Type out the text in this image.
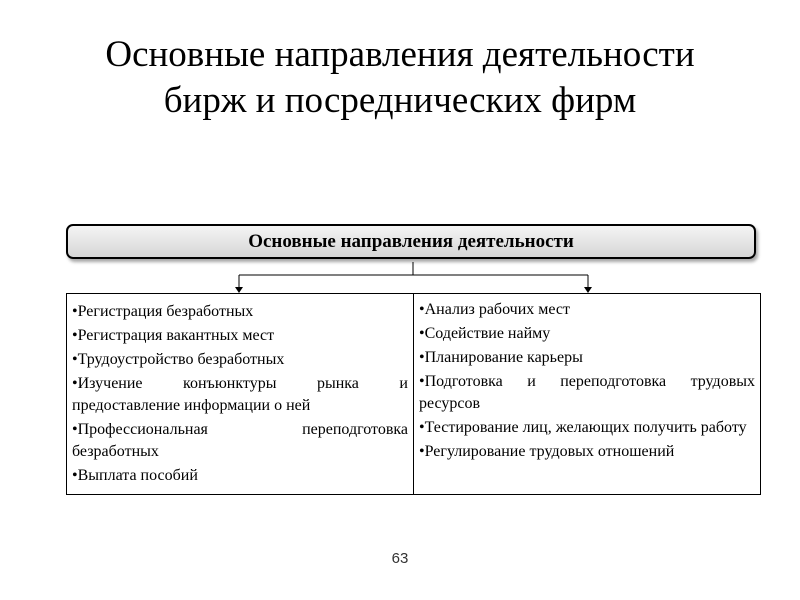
Основные направления деятельности
бирж и посреднических фирм
Основные направления деятельности
•Регистрация безработных
•Регистрация вакантных мест
•Трудоустройство безработных
•Изучение конъюнктуры рынка и предоставление информации о ней
•Профессиональная переподготовка безработных
•Выплата пособий
•Анализ рабочих мест
•Содействие найму
•Планирование карьеры
•Подготовка и переподготовка трудовых ресурсов
•Тестирование лиц, желающих получить работу
•Регулирование трудовых отношений
63
